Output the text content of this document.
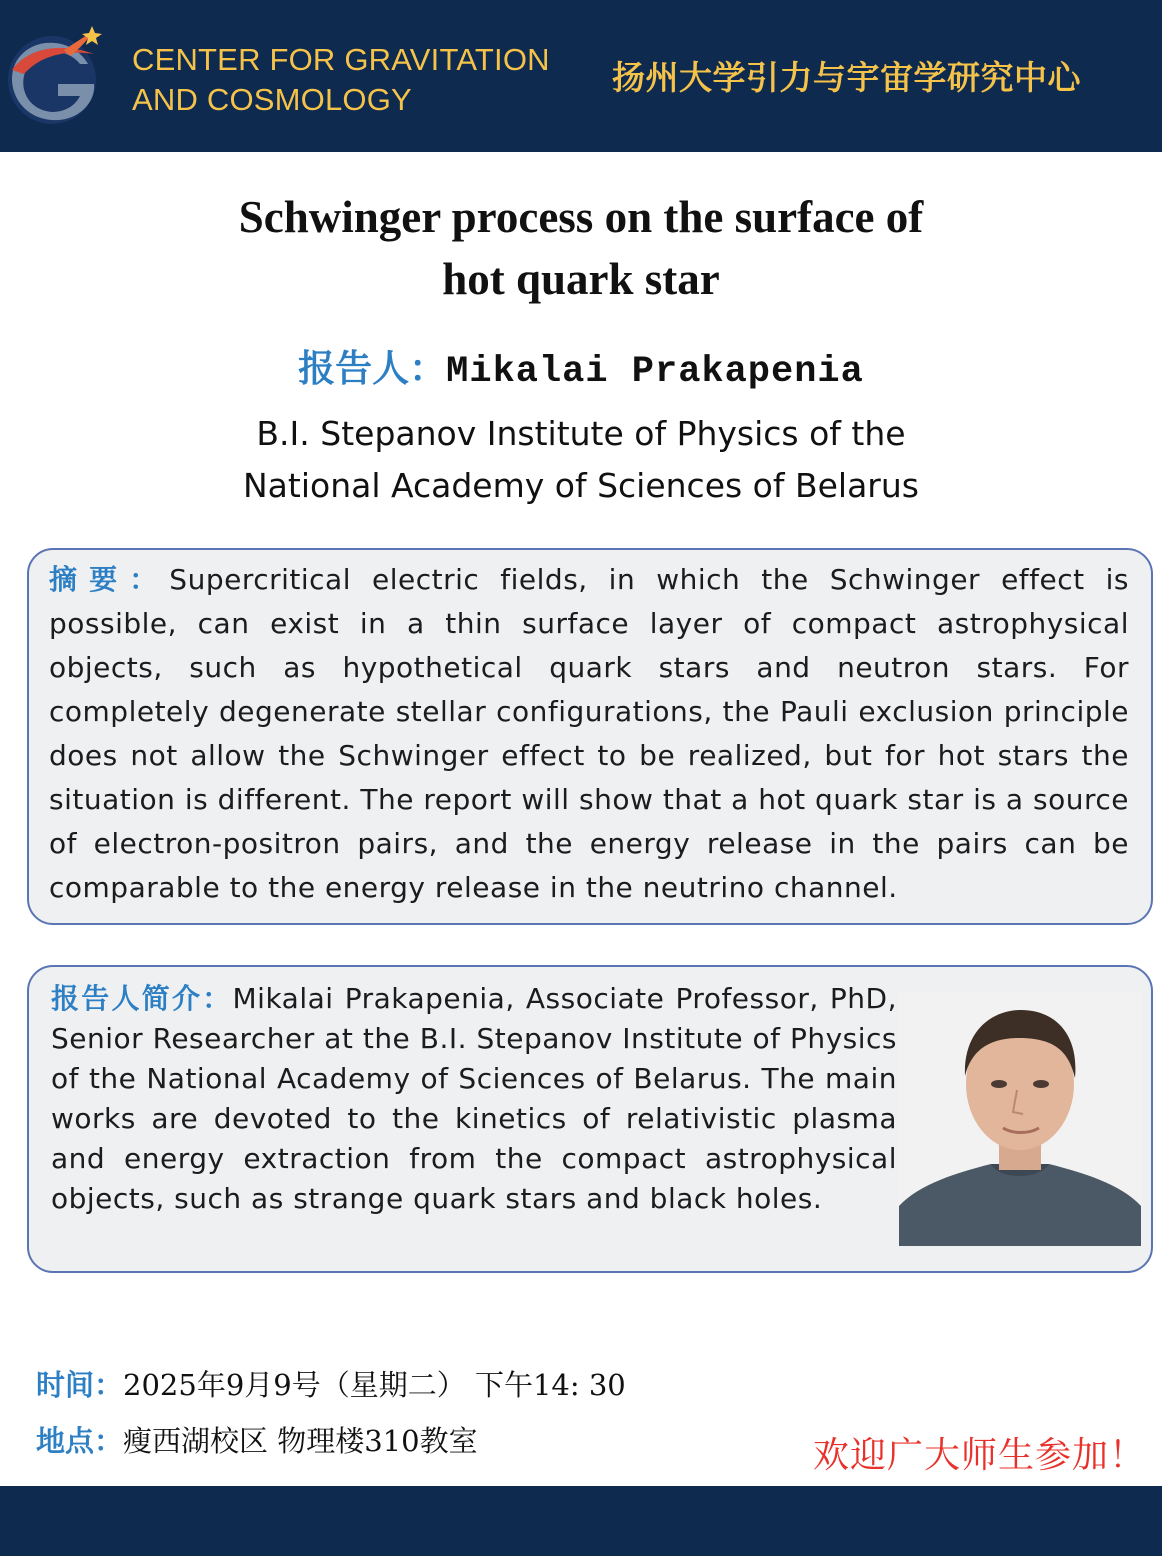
CENTER FOR GRAVITATION
AND COSMOLOGY
扬州大学引力与宇宙学研究中心
Schwinger process on the surface of
hot quark star
报告人：Mikalai Prakapenia
B.I. Stepanov Institute of Physics of the
National Academy of Sciences of Belarus

摘要：Supercritical electric fields, in which the Schwinger effect is possible, can exist in a thin surface layer of compact astrophysical objects, such as hypothetical quark stars and neutron stars. For completely degenerate stellar configurations, the Pauli exclusion principle does not allow the Schwinger effect to be realized, but for hot stars the situation is different. The report will show that a hot quark star is a source of electron-positron pairs, and the energy release in the pairs can be comparable to the energy release in the neutrino channel.

报告人简介：Mikalai Prakapenia, Associate Professor, PhD, Senior Researcher at the B.I. Stepanov Institute of Physics of the National Academy of Sciences of Belarus. The main works are devoted to the kinetics of relativistic plasma and energy extraction from the compact astrophysical objects, such as strange quark stars and black holes.

时间：2025年9月9号（星期二） 下午14: 30
地点：瘦西湖校区 物理楼310教室	欢迎广大师生参加！
